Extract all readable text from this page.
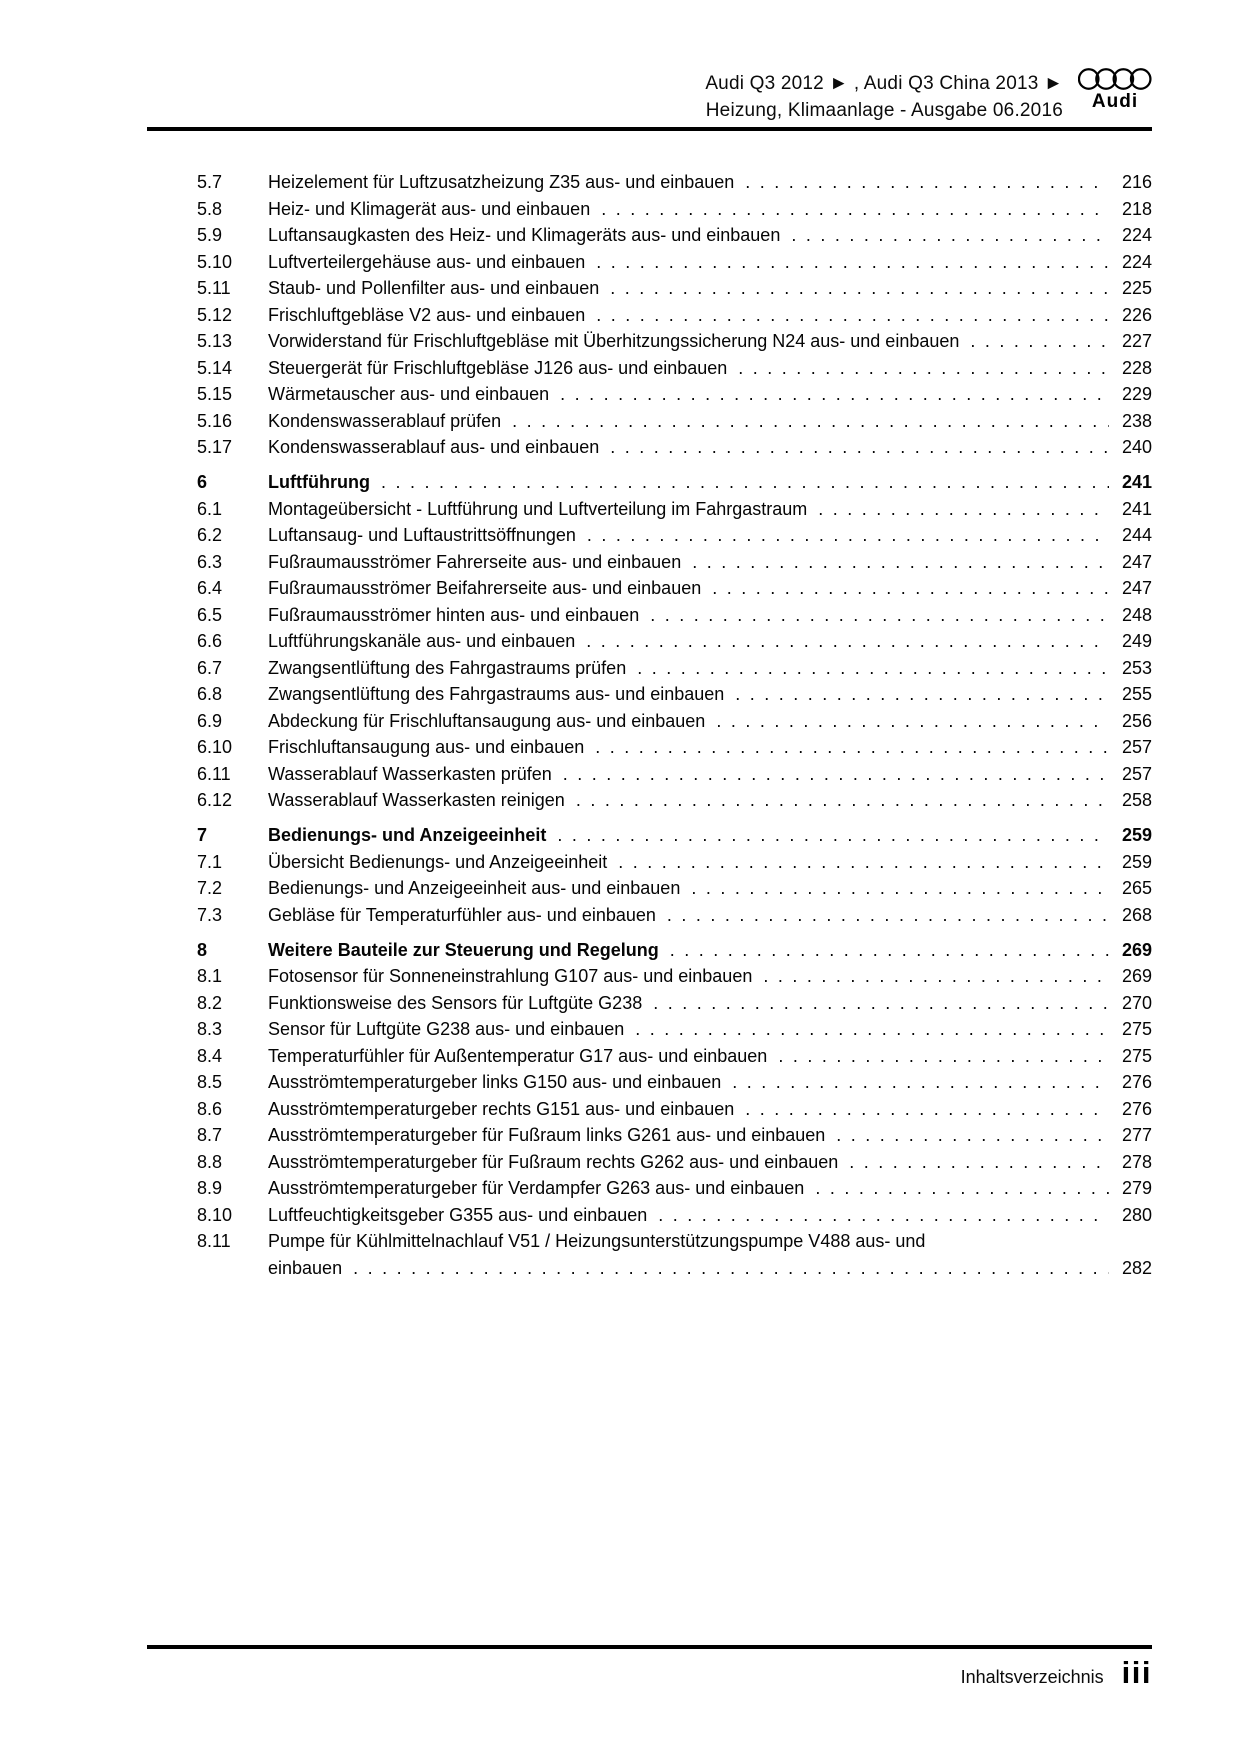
Audi Q3 2012 ► , Audi Q3 China 2013 ►
Heizung, Klimaanlage - Ausgabe 06.2016 Audi
5.7	Heizelement für Luftzusatzheizung Z35 aus- und einbauen .....	216
5.8	Heiz- und Klimagerät aus- und einbauen .....	218
5.9	Luftansaugkasten des Heiz- und Klimageräts aus- und einbauen .....	224
5.10	Luftverteilergehäuse aus- und einbauen .....	224
5.11	Staub- und Pollenfilter aus- und einbauen .....	225
5.12	Frischluftgebläse V2 aus- und einbauen .....	226
5.13	Vorwiderstand für Frischluftgebläse mit Überhitzungssicherung N24 aus- und einbauen .....	227
5.14	Steuergerät für Frischluftgebläse J126 aus- und einbauen .....	228
5.15	Wärmetauscher aus- und einbauen .....	229
5.16	Kondenswasserablauf prüfen .....	238
5.17	Kondenswasserablauf aus- und einbauen .....	240
6	Luftführung .....	241
6.1	Montageübersicht - Luftführung und Luftverteilung im Fahrgastraum .....	241
6.2	Luftansaug- und Luftaustrittsöffnungen .....	244
6.3	Fußraumausströmer Fahrerseite aus- und einbauen .....	247
6.4	Fußraumausströmer Beifahrerseite aus- und einbauen .....	247
6.5	Fußraumausströmer hinten aus- und einbauen .....	248
6.6	Luftführungskanäle aus- und einbauen .....	249
6.7	Zwangsentlüftung des Fahrgastraums prüfen .....	253
6.8	Zwangsentlüftung des Fahrgastraums aus- und einbauen .....	255
6.9	Abdeckung für Frischluftansaugung aus- und einbauen .....	256
6.10	Frischluftansaugung aus- und einbauen .....	257
6.11	Wasserablauf Wasserkasten prüfen .....	257
6.12	Wasserablauf Wasserkasten reinigen .....	258
7	Bedienungs- und Anzeigeeinheit .....	259
7.1	Übersicht Bedienungs- und Anzeigeeinheit .....	259
7.2	Bedienungs- und Anzeigeeinheit aus- und einbauen .....	265
7.3	Gebläse für Temperaturfühler aus- und einbauen .....	268
8	Weitere Bauteile zur Steuerung und Regelung .....	269
8.1	Fotosensor für Sonneneinstrahlung G107 aus- und einbauen .....	269
8.2	Funktionsweise des Sensors für Luftgüte G238 .....	270
8.3	Sensor für Luftgüte G238 aus- und einbauen .....	275
8.4	Temperaturfühler für Außentemperatur G17 aus- und einbauen .....	275
8.5	Ausströmtemperaturgeber links G150 aus- und einbauen .....	276
8.6	Ausströmtemperaturgeber rechts G151 aus- und einbauen .....	276
8.7	Ausströmtemperaturgeber für Fußraum links G261 aus- und einbauen .....	277
8.8	Ausströmtemperaturgeber für Fußraum rechts G262 aus- und einbauen .....	278
8.9	Ausströmtemperaturgeber für Verdampfer G263 aus- und einbauen .....	279
8.10	Luftfeuchtigkeitsgeber G355 aus- und einbauen .....	280
8.11	Pumpe für Kühlmittelnachlauf V51 / Heizungsunterstützungspumpe V488 aus- und
einbauen .....	282
Inhaltsverzeichnis iii
